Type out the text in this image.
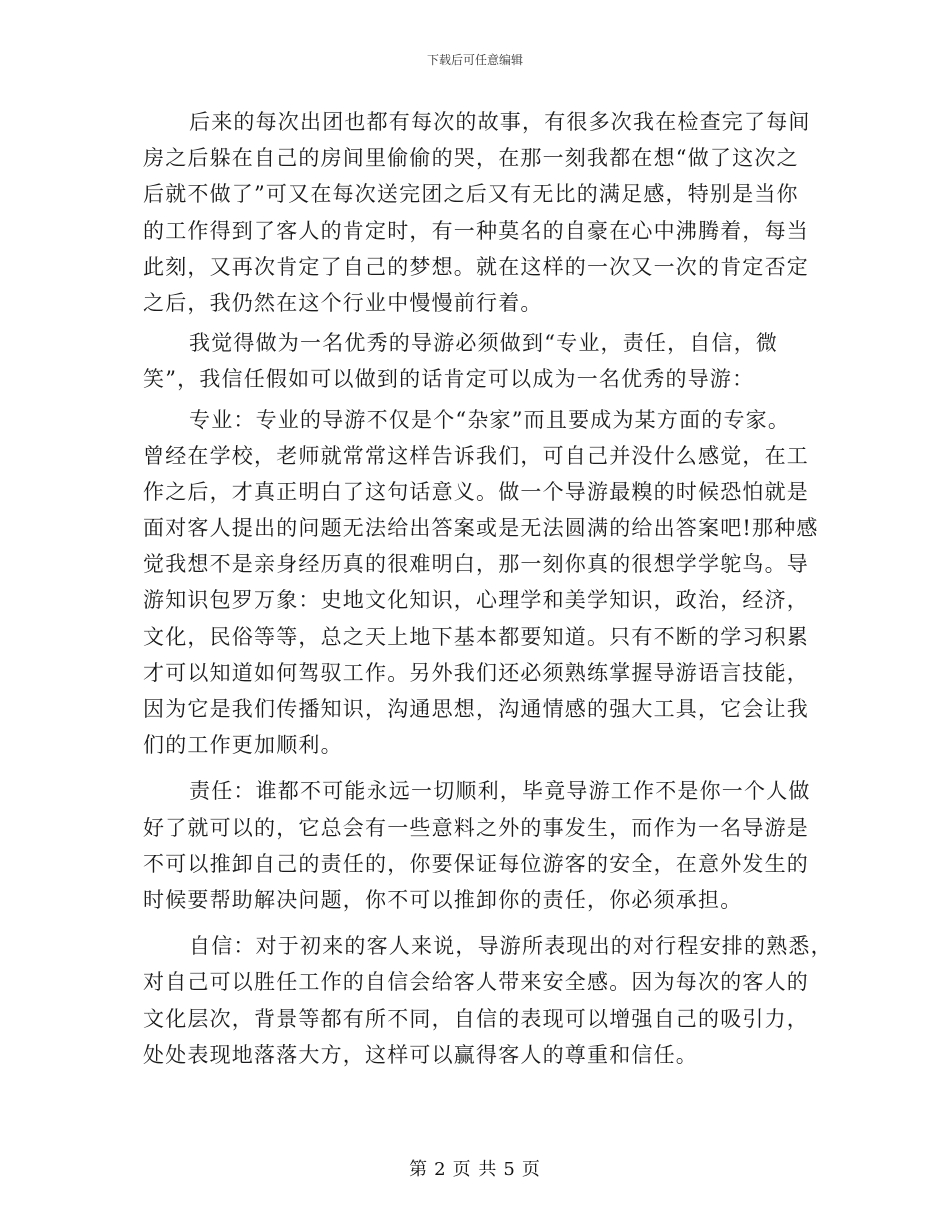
下载后可任意编辑
后来的每次出团也都有每次的故事，有很多次我在检查完了每间
房之后躲在自己的房间里偷偷的哭，在那一刻我都在想“做了这次之
后就不做了”可又在每次送完团之后又有无比的满足感，特别是当你
的工作得到了客人的肯定时，有一种莫名的自豪在心中沸腾着，每当
此刻，又再次肯定了自己的梦想。就在这样的一次又一次的肯定否定
之后，我仍然在这个行业中慢慢前行着。
我觉得做为一名优秀的导游必须做到“专业，责任，自信，微
笑”，我信任假如可以做到的话肯定可以成为一名优秀的导游：
专业：专业的导游不仅是个“杂家”而且要成为某方面的专家。
曾经在学校，老师就常常这样告诉我们，可自己并没什么感觉，在工
作之后，才真正明白了这句话意义。做一个导游最糗的时候恐怕就是
面对客人提出的问题无法给出答案或是无法圆满的给出答案吧!那种感
觉我想不是亲身经历真的很难明白，那一刻你真的很想学学鸵鸟。导
游知识包罗万象：史地文化知识，心理学和美学知识，政治，经济，
文化，民俗等等，总之天上地下基本都要知道。只有不断的学习积累
才可以知道如何驾驭工作。另外我们还必须熟练掌握导游语言技能，
因为它是我们传播知识，沟通思想，沟通情感的强大工具，它会让我
们的工作更加顺利。
责任：谁都不可能永远一切顺利，毕竟导游工作不是你一个人做
好了就可以的，它总会有一些意料之外的事发生，而作为一名导游是
不可以推卸自己的责任的，你要保证每位游客的安全，在意外发生的
时候要帮助解决问题，你不可以推卸你的责任，你必须承担。
自信：对于初来的客人来说，导游所表现出的对行程安排的熟悉，
对自己可以胜任工作的自信会给客人带来安全感。因为每次的客人的
文化层次，背景等都有所不同，自信的表现可以增强自己的吸引力，
处处表现地落落大方，这样可以赢得客人的尊重和信任。
第 2 页 共 5 页
